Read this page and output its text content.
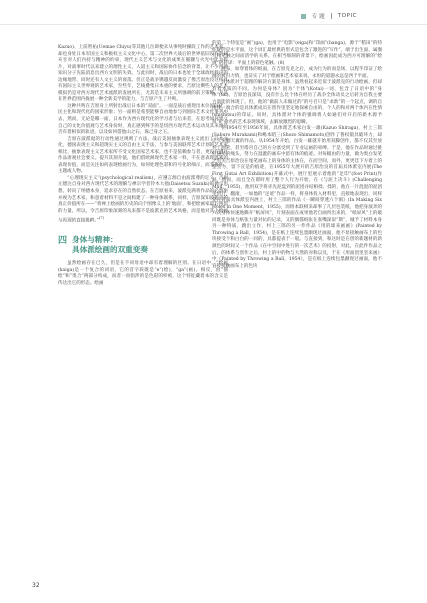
专 题 TOPIC

Kazuo)、上前智祐(Uemae Chiyu)等其他几位即便未从事纯时操段工作的艺术家，却也身处日本军国主义和极权主义文化中心。第二次世界大战后的世界依旧没有彭胡亥甘对人们内持与精神的约束，现代主义艺术与文化的成果在履骤与火光中化为碎片，对战事时代以来建立的理性主义，人道主义和国际协作信念的背景，让不少西欧知识分子先陆消息出西方文明的失效。与此同时，战后的日本也处于全球政经秩序的边缘地带，同时还有人文主义的衰落。但正是战争镌越反而激发了像吉原治良这样具有国际主义世界观的艺术家，至些年，艺线叠集日本重的要求，吉原这剩些人的艺术模拟仍是对西方现代艺术流派的发展所在，尤其是未来主义所强调的前卫策略，及其在世界范围内拢展一种全新美学的能力，与吉原产生了共鸣。

这种共鸣在吉原身上所射出战后日本的“双面”。一面是战后重现出本位国际化，民主化和现代化的国家形象；另一面则是希望能够自由地参与到国际艺术文化事务中去，然而，无论是哪一面，日本作为西方现代化的学习者与后来者，在思考如何建立自己的文化价值观与艺术身份时，真正感到鲜手的是切西方现代艺术运动及其来源是否有着相似的轨迹，以及如何借他山之石，琢己身之玉。

吉原在波派诞的行动性通过规则了方法，战后美国抽象表现主义流出了日本文化，德国表现主义和超现实主义的自由主义手法，与参与美国联邦艺术计划的艺术家相比，抽象表现主义艺术家所不受文化国家艺术家，也不是依赖参与者，更没有遭过作品席观社会要义。提升其刻介值，他们借欧洲现代艺术家一样，不在意表现温素的表现价值，而是关注如何表现绘画行为，如何处理色彩和符号化的细示，而非事件、主题或人物。

“心理现实主义”(psychological realism)，应遵言源自由波派尊的定义。吉原元德注自身对西方现代艺术的理解与禅宗学者铃木大拙(Daisetsu Suzuki)的禅宗思想，转向了纳德本身，追求存在的自然状态。在吉原看来，波派克满将作品的必然驱并视为艺术家，和意着材料不是之间构建了一种身体联系，同样，吉原深知波派克的真正价值所在——“将禅上绘画的历史的向个图像义上的‘地面’，和把绘画家最后残留的力量。所以，令吉原印象深刻的从来都不是波派克的艺术风格，而是他对其上绘画与再现的直接挑衅。”$^{(7)}$

四 身体与精神：
具体派绘画的双重变奏

虽然绘画存在已久，但是在不同母语中却有着理解的区别。在日语中，“绘画(kaiga)是一个复合的词语，它的首字段既是“e”(绘)，“ga”(画)。相反，由“描绘”和“奥合”两部分构成，而者一而指涉的是色彩的样被，这个特征藏着本的含义是传达出它的形态。绘画

的第二个特征是“画”(ga)，也用于“电影”(eiga)和“印画”(hanga)，源于“稻田”的特征疑的是水平面，这个词汇最经典的形式是包含了激进的“写作”，端于出生面、属圈与和笔触之间而清学的关系。在相当细刻的背景下，绘画因此成为西方可理解的“绘画”的转译：平面上的彩色笔触。(8)

画布，如穿着体的纸面，在吉原克克之后，成为行为的而是场，以程乎印证了绘画的被归力情，也证实了对于绘画和艺术家来说，永恒的道题永远是西于平面。

具体派对于超理的解决方案是身体，虽然看起来近似于波派克的行动绘画，但却有着本质的不同。为何是身体？因为“个体”(Kotai)一词，包含了日语中的“身体”(tai)。吉原治良深知，没有什么比个体在经历了战争全体动员之后转为自我主要力量能的体现了。但，他的“做前人未做过的”的号召只是“求新”的一个起点，调的自由律。端合的是具体派成员在创作里坚定地探索自由的，个人的和对两个体内在性情(shishitsu)的印证。同时，具体派对个体的强调将人如通们对开启的新木源予每“e”命名的艺术表现领域，去解放激烈的思瞬。

在1954年至1956年间，具体派艺术家白发一雄(Kazuo Shiraga)，村上三郎(Saburo Murakami)和嶋本昭三(Shozo Shimamoto)创作了鲁权锻具破坏力，却让人来翻天翼的作品。从1954年开始，白发一雄就开始用双脚创作，都不仅其至放弃了画笔，甚至塔宫自己的方分塞受到了专业运画的束缚。于是，他在作品时通过挑拉悬吊的绳头，努力在湿漉的画布中留有体的痕迹。对每幅由的力量，做为奥白发笔之有关吉原治良在尾笔画布上的身体的主体在，在而空间，而外，更更佳下方着上的整型力，留下宣是的痕迹，在1955年大展开的吉原治良的首届具体派室内展(The First Gutai Art Exhibition)开幕式中，展厅里展示着他的“足印”(foot Print)作品，然而，而且全在即时用了整个人行为开始，在《与泥土决斗》(Challenging Mud，1955)，他用双手将赤先泥盘到的泥团并结相揉，揉的，他在一片混混的泥团里用行，翻滚，一如他的“足迹”作品一样，将身体投入材料里，直接地表现出，同样是在首届具体派室内展上，村上三郎的作品《一瞬间穿透六个洞》(In Making Six Holes in One Moment，1955)，而组本联相采却事了几层包装纸，他把身演奔的六次身体快速地撕开“纸屏风”，片刻表面在成果他若自画所出来的，“纸屏风”上的破同既是身体与纸张力量对抗的记录，又的偶都纸张在张嘴深似“斯”，城予了材料本身另一种特质，跳出立作，村上三郎的另一件作品《用的球来画画》(Painted by Throwing a Ball，1954)，是在纸上连续包墨颠现过画面，他不显接触画布上的色块接受个和白白的一同的，具都提表于一般。与直接到，和这时是在创的新题材的新颜色的时间又一个作品《在中空间中进行的一次艺术》的投射，对此，在此件作品之后，的体系与创作之后，村上的中的物与大然的对称以及，于在《用面团里坚来画》中（Painted by Throwing a Ball，1954），是在纸上连续包墨颠现过画面，他不直接接触画布上的色块

32
